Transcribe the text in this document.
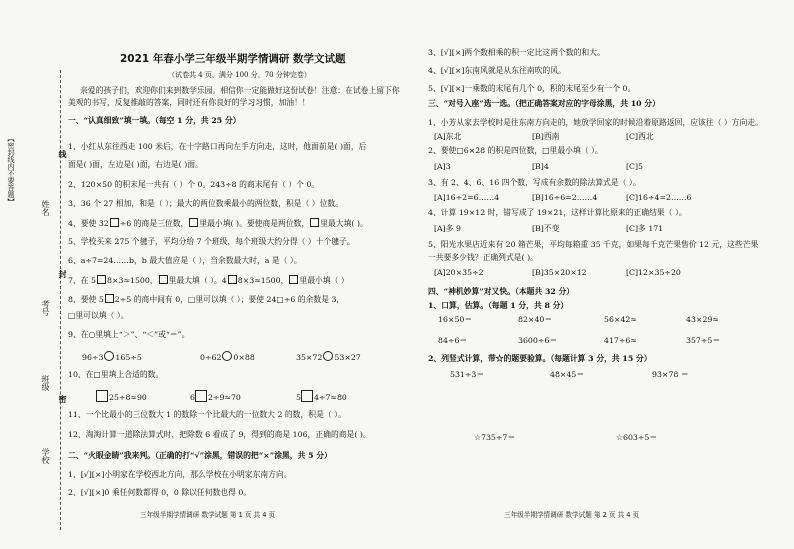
【密封线内不要答题】	线
封
密
姓名
考号
班级
学校
2021 年春小学三年级半期学情调研 数学文试题
（试卷共 4 页，满分 100 分，70 分钟完卷）
亲爱的孩子们，欢迎你们来到数学乐园。相信你一定能做好这份试卷！注意：在试卷上留下你
美观的书写，反复推敲的答案，同时还有你良好的学习习惯，加油！！
一、“认真细致”填一填。（每空 1 分，共 25 分）
1、小红从东往西走 100 米后，在十字路口再向左手方向走，这时，他面前是( )面，后
面是( )面，左边是( )面，右边是( )面。
2、120×50 的积末尾一共有（ ）个 0。243÷8 的商末尾有（ ）个 0。
3、36 个 27 相加，和是（ ）；最大的两位数乘最小的两位数，积是（ ）位数。
4、要使 32 ÷6 的商是三位数， 里最小填( )。要使商是两位数， 里最大填( )。
5、学校买来 275 个毽子，平均分给 7 个班级，每个班级大约分得（ ）十个毽子。
6、a÷7=24……b，b 最大值应是（ ），当余数最大时，a 是（ ）。
7、在 5 8×3≈1500， 里最大填（ ）。4 8×3≈1500， 里最小填（ ）
8、要使 5 2÷5 的商中间有 0，□里可以填（ ）；要使 24□÷6 的余数是 3，
□里可以填（ ）。
9、在○里填上“＞”、“＜”或“＝”。
96÷3 165÷5	0÷62 0×88	35×72 53×27
10、在□里填上合适的数。
25÷8≈90	6 2÷9≈70	5 4÷7≈80
11、一个比最小的三位数大 1 的数除一个比最大的一位数大 2 的数，积是（ ）。
12、淘淘计算一道除法算式时，把除数 6 看成了 9，得到的商是 106，正确的商是( )。
二、“火眼金睛”我来判。（正确的打“√”涂黑，错误的把“×”涂黑，共 5 分）
1、[√][×]小明家在学校西北方向，那么学校在小明家东南方向。
2、[√][×]0 乘任何数都得 0，0 除以任何数也得 0。
三年级半期学情调研 数学试题 第 1 页 共 4 页
3、[√][×]两个数相乘的积一定比这两个数的和大。
4、[√][×]东南风就是从东往南吹的风。
5、[√][×]一乘数的末尾有几个 0，积的末尾至少有一个 0。
三、“对号入座”选一选。（把正确答案对应的字母涂黑，共 10 分）
1、小芳从家去学校时是往东南方向走的，她放学回家的时候沿着原路返回，应该往（ ）方向走。
[A]东北	[B]西南	[C]西北
2、要使□6×28 的积是四位数，□里最小填（ ）。
[A]3	[B]4	[C]5
3、有 2、4、6、16 四个数，写成有余数的除法算式是（ ）。
[A]16÷2=6……4	[B]16÷6=2……4	[C]16÷4=2……6
4、计算 19×12 时，错写成了 19×21，这样计算比原来的正确结果（ ）。
[A]多 9	[B]不变	[C]多 171
5、阳光水果店近来有 20 箱芒果，平均每箱重 35 千克，如果每千克芒果售价 12 元，这些芒果
一共要多少钱？正确列式是( )。
[A]20×35÷2	[B]35×20×12	[C]12×35÷20
四、“神机妙算”对又快。（本题共 32 分）
1、口算，估算。（每题 1 分，共 8 分）
16×50＝	82×40＝	56×42≈	43×29≈
84÷6＝	3600÷6＝	417÷6≈	357÷5＝
2、列竖式计算，带☆的题要验算。（每题计算 3 分，共 15 分）
531÷3＝	48×45＝	93×78 ＝
☆735÷7＝	☆603÷5＝
三年级半期学情调研 数学试题 第 2 页 共 4 页
